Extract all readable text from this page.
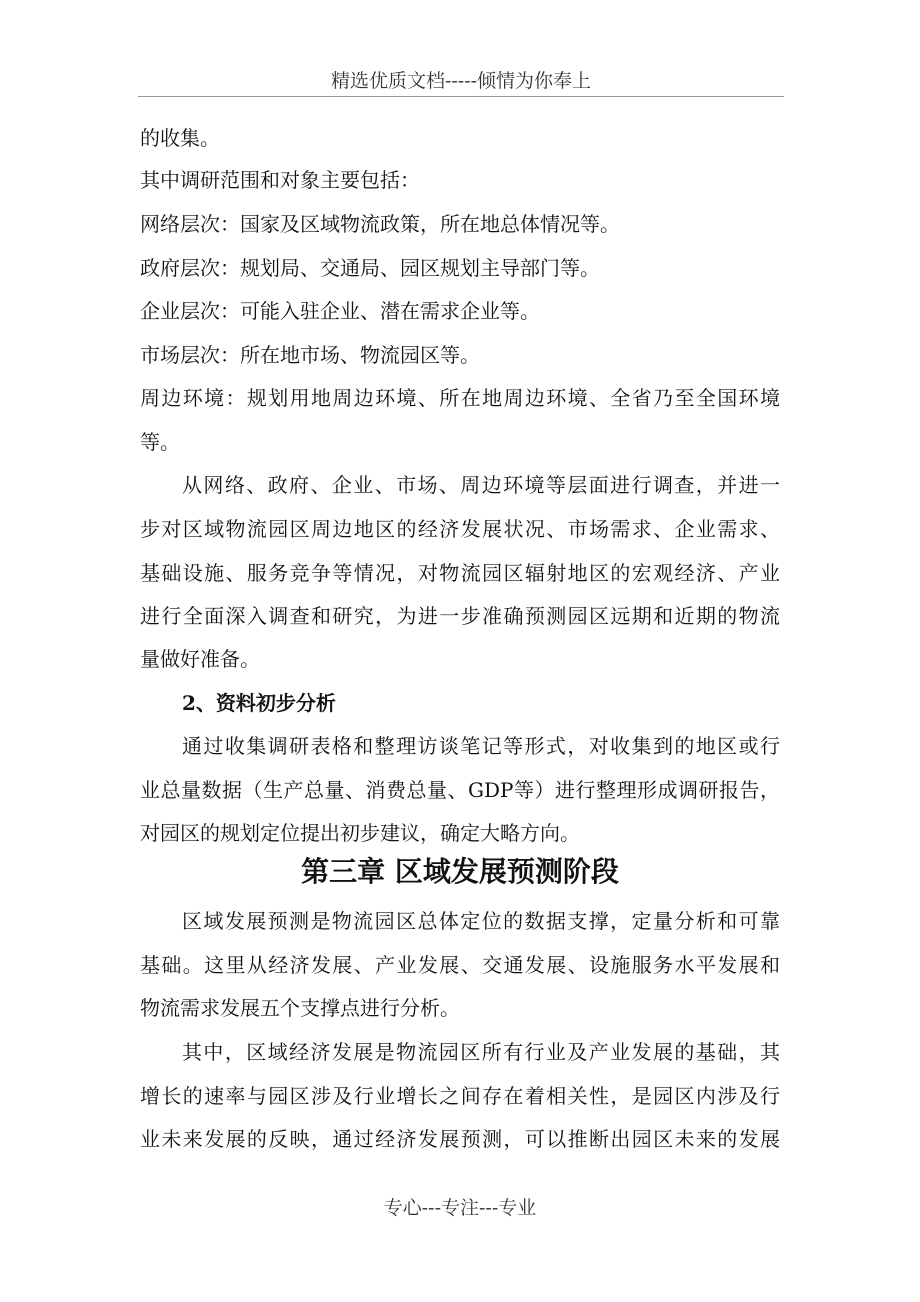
精选优质文档-----倾情为你奉上
的收集。
其中调研范围和对象主要包括：
网络层次：国家及区域物流政策，所在地总体情况等。
政府层次：规划局、交通局、园区规划主导部门等。
企业层次：可能入驻企业、潜在需求企业等。
市场层次：所在地市场、物流园区等。
周边环境：规划用地周边环境、所在地周边环境、全省乃至全国环境
等。
从网络、政府、企业、市场、周边环境等层面进行调查，并进一
步对区域物流园区周边地区的经济发展状况、市场需求、企业需求、
基础设施、服务竞争等情况，对物流园区辐射地区的宏观经济、产业
进行全面深入调查和研究，为进一步准确预测园区远期和近期的物流
量做好准备。
2、资料初步分析
通过收集调研表格和整理访谈笔记等形式，对收集到的地区或行
业总量数据（生产总量、消费总量、GDP等）进行整理形成调研报告，
对园区的规划定位提出初步建议，确定大略方向。
第三章 区域发展预测阶段
区域发展预测是物流园区总体定位的数据支撑，定量分析和可靠
基础。这里从经济发展、产业发展、交通发展、设施服务水平发展和
物流需求发展五个支撑点进行分析。
其中，区域经济发展是物流园区所有行业及产业发展的基础，其
增长的速率与园区涉及行业增长之间存在着相关性，是园区内涉及行
业未来发展的反映，通过经济发展预测，可以推断出园区未来的发展
专心---专注---专业
